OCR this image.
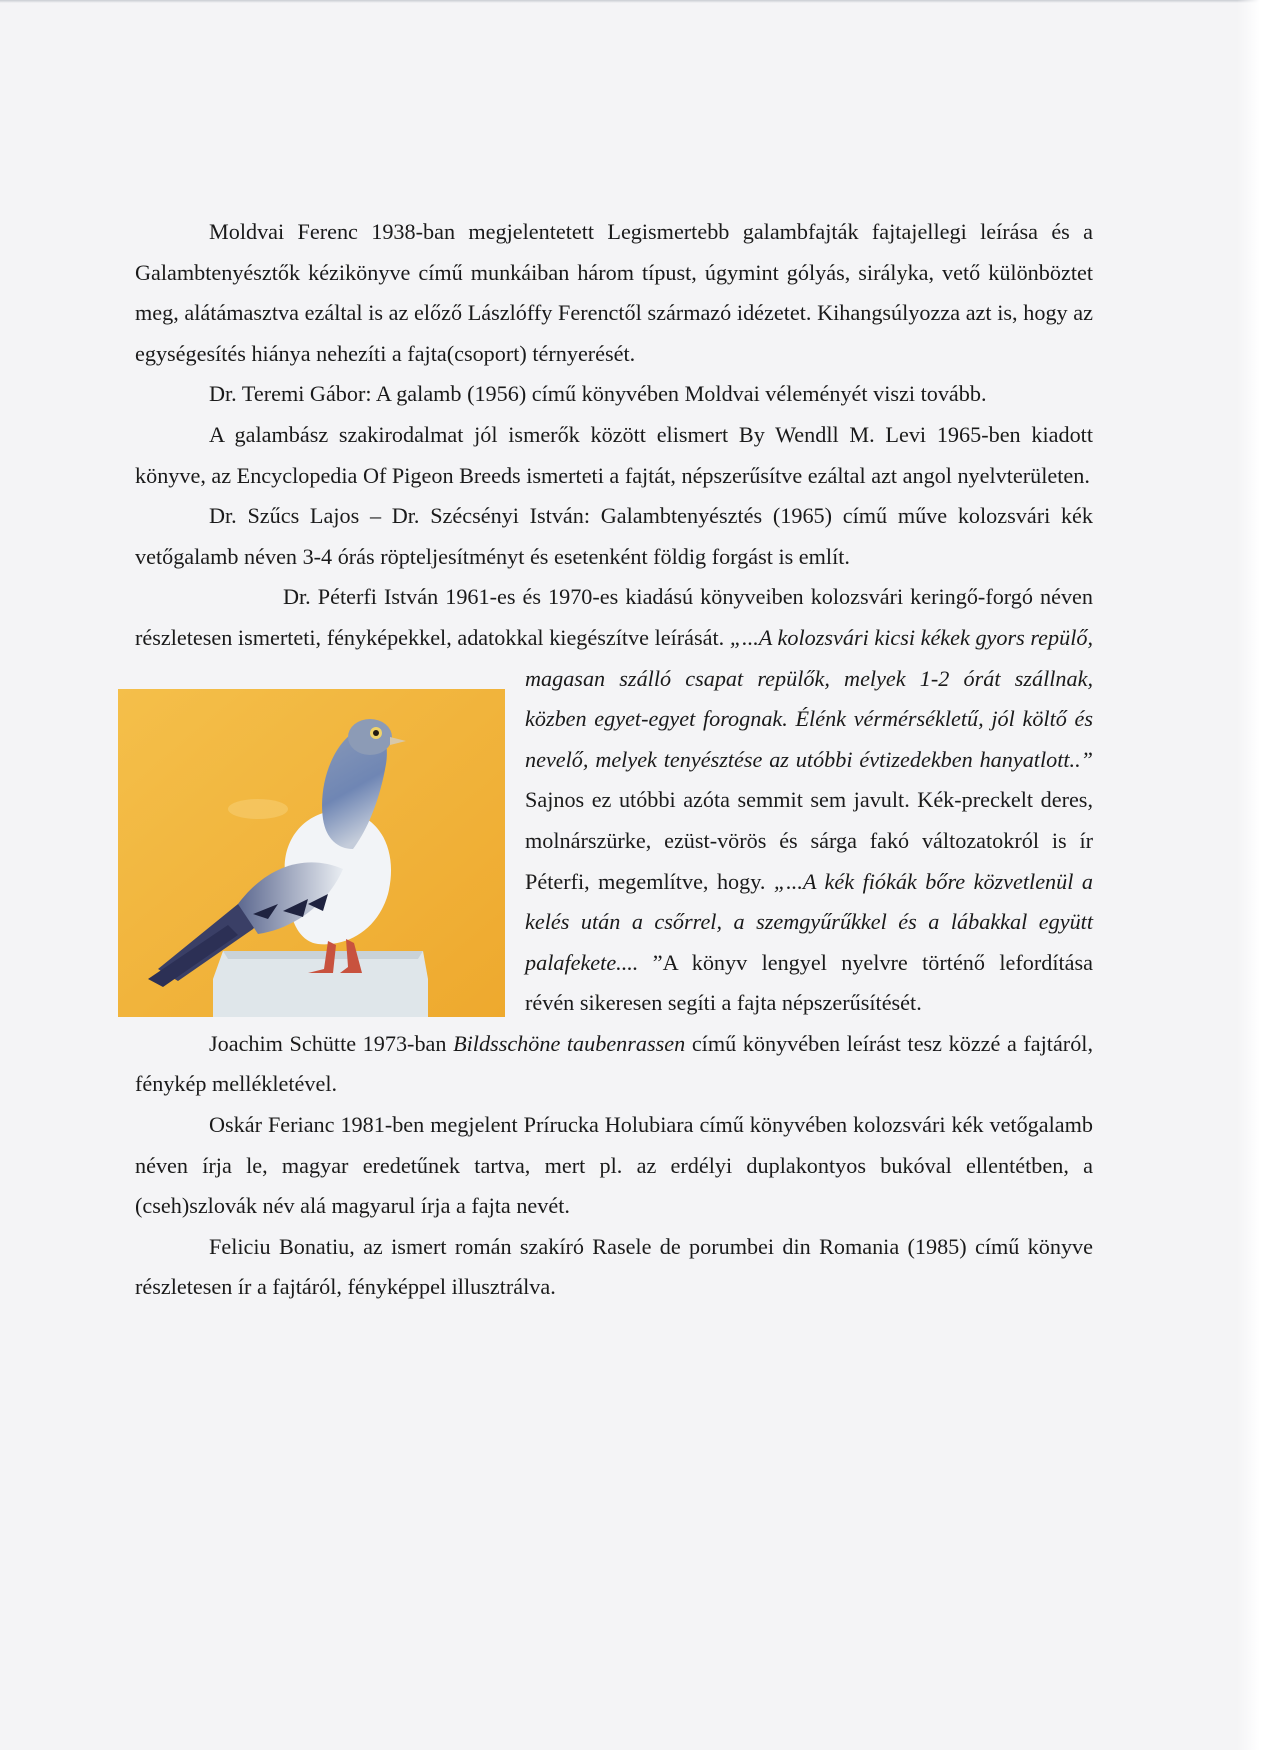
Moldvai Ferenc 1938-ban megjelentetett Legismertebb galambfajták fajtajellegi leírása és a Galambtenyésztők kézikönyve című munkáiban három típust, úgymint gólyás, sirályka, vető különböztet meg, alátámasztva ezáltal is az előző Lászlóffy Ferenctől származó idézetet. Kihangsúlyozza azt is, hogy az egységesítés hiánya nehezíti a fajta(csoport) térnyerését.

Dr. Teremi Gábor: A galamb (1956) című könyvében Moldvai véleményét viszi tovább.

A galambász szakirodalmat jól ismerők között elismert By Wendll M. Levi 1965-ben kiadott könyve, az Encyclopedia Of Pigeon Breeds ismerteti a fajtát, népszerűsítve ezáltal azt angol nyelvterületen.

Dr. Szűcs Lajos – Dr. Szécsényi István: Galambtenyésztés (1965) című műve kolozsvári kék vetőgalamb néven 3-4 órás röpteljesítményt és esetenként földig forgást is említ.

Dr. Péterfi István 1961-es és 1970-es kiadású könyveiben kolozsvári keringő-forgó néven részletesen ismerteti, fényképekkel, adatokkal kiegészítve leírását.
„...A kolozsvári kicsi kékek gyors repülő, magasan szálló csapat repülők, melyek 1-2 órát szállnak, közben egyet-egyet forognak. Élénk vérmérsékletű, jól költő és nevelő, melyek tenyésztése az utóbbi évtizedekben hanyatlott..” Sajnos ez utóbbi azóta semmit sem javult. Kék-preckelt deres, molnárszürke, ezüst-vörös és sárga fakó változatokról is ír Péterfi, megemlítve, hogy. „...A kék fiókák bőre közvetlenül a kelés után a csőrrel, a szemgyűrűkkel és a lábakkal együtt palafekete.... ”A könyv lengyel nyelvre történő lefordítása révén sikeresen segíti a fajta népszerűsítését.

Joachim Schütte 1973-ban Bildsschöne taubenrassen című könyvében leírást tesz közzé a fajtáról, fénykép mellékletével.

Oskár Ferianc 1981-ben megjelent Prírucka Holubiara című könyvében kolozsvári kék vetőgalamb néven írja le, magyar eredetűnek tartva, mert pl. az erdélyi duplakontyos bukóval ellentétben, a (cseh)szlovák név alá magyarul írja a fajta nevét.

Feliciu Bonatiu, az ismert román szakíró Rasele de porumbei din Romania (1985) című könyve részletesen ír a fajtáról, fényképpel illusztrálva.
